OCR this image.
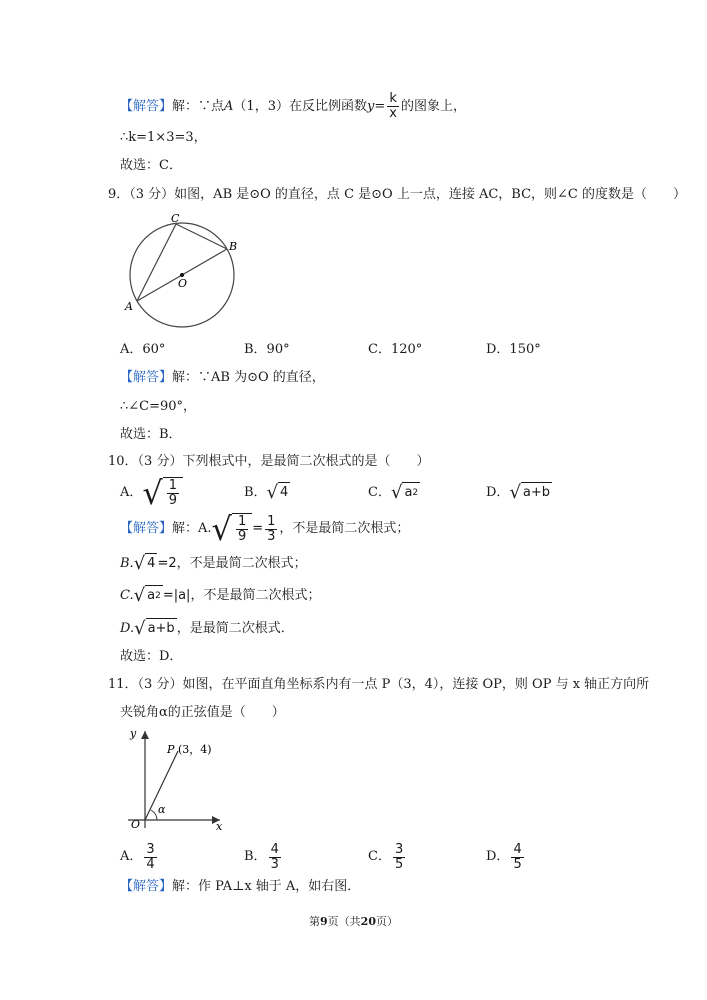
【解答】解：∵点A（1，3）在反比例函数$y= \frac{k}{x}$ 的图象上，
∴k=1×3=3，
故选：C．
9．（3 分）如图，AB 是⊙O 的直径，点 C 是⊙O 上一点，连接 AC，BC，则∠C 的度数是（　　）
C
B
O
A
A．60°	B．90°	C．120°	D．150°
【解答】解：∵AB 为⊙O 的直径，
∴∠C=90°，
故选：B．
10．（3 分）下列根式中，是最简二次根式的是（　　）
A． √ $\frac{1}{9}$	B． √ 4	C． √ a 2	D． √ a+b
【解答】 解：A. √ $\frac{1}{9} = \frac{1}{3}$ ，不是最简二次根式；
B. √ 4 =2，不是最简二次根式；
C. √ a 2 =|a|，不是最简二次根式；
D. √ a+b ，是最简二次根式．
故选：D．
11．（3 分）如图，在平面直角坐标系内有一点 P（3，4），连接 OP，则 OP 与 x 轴正方向所
夹锐角α的正弦值是（　　）
y
x
O
P (3，4)
α
A． $\frac{3}{4}$	B． $\frac{4}{3}$	C． $\frac{3}{5}$	D． $\frac{4}{5}$
【解答】解：作 PA⊥x 轴于 A，如右图．
第9页（共20页）
